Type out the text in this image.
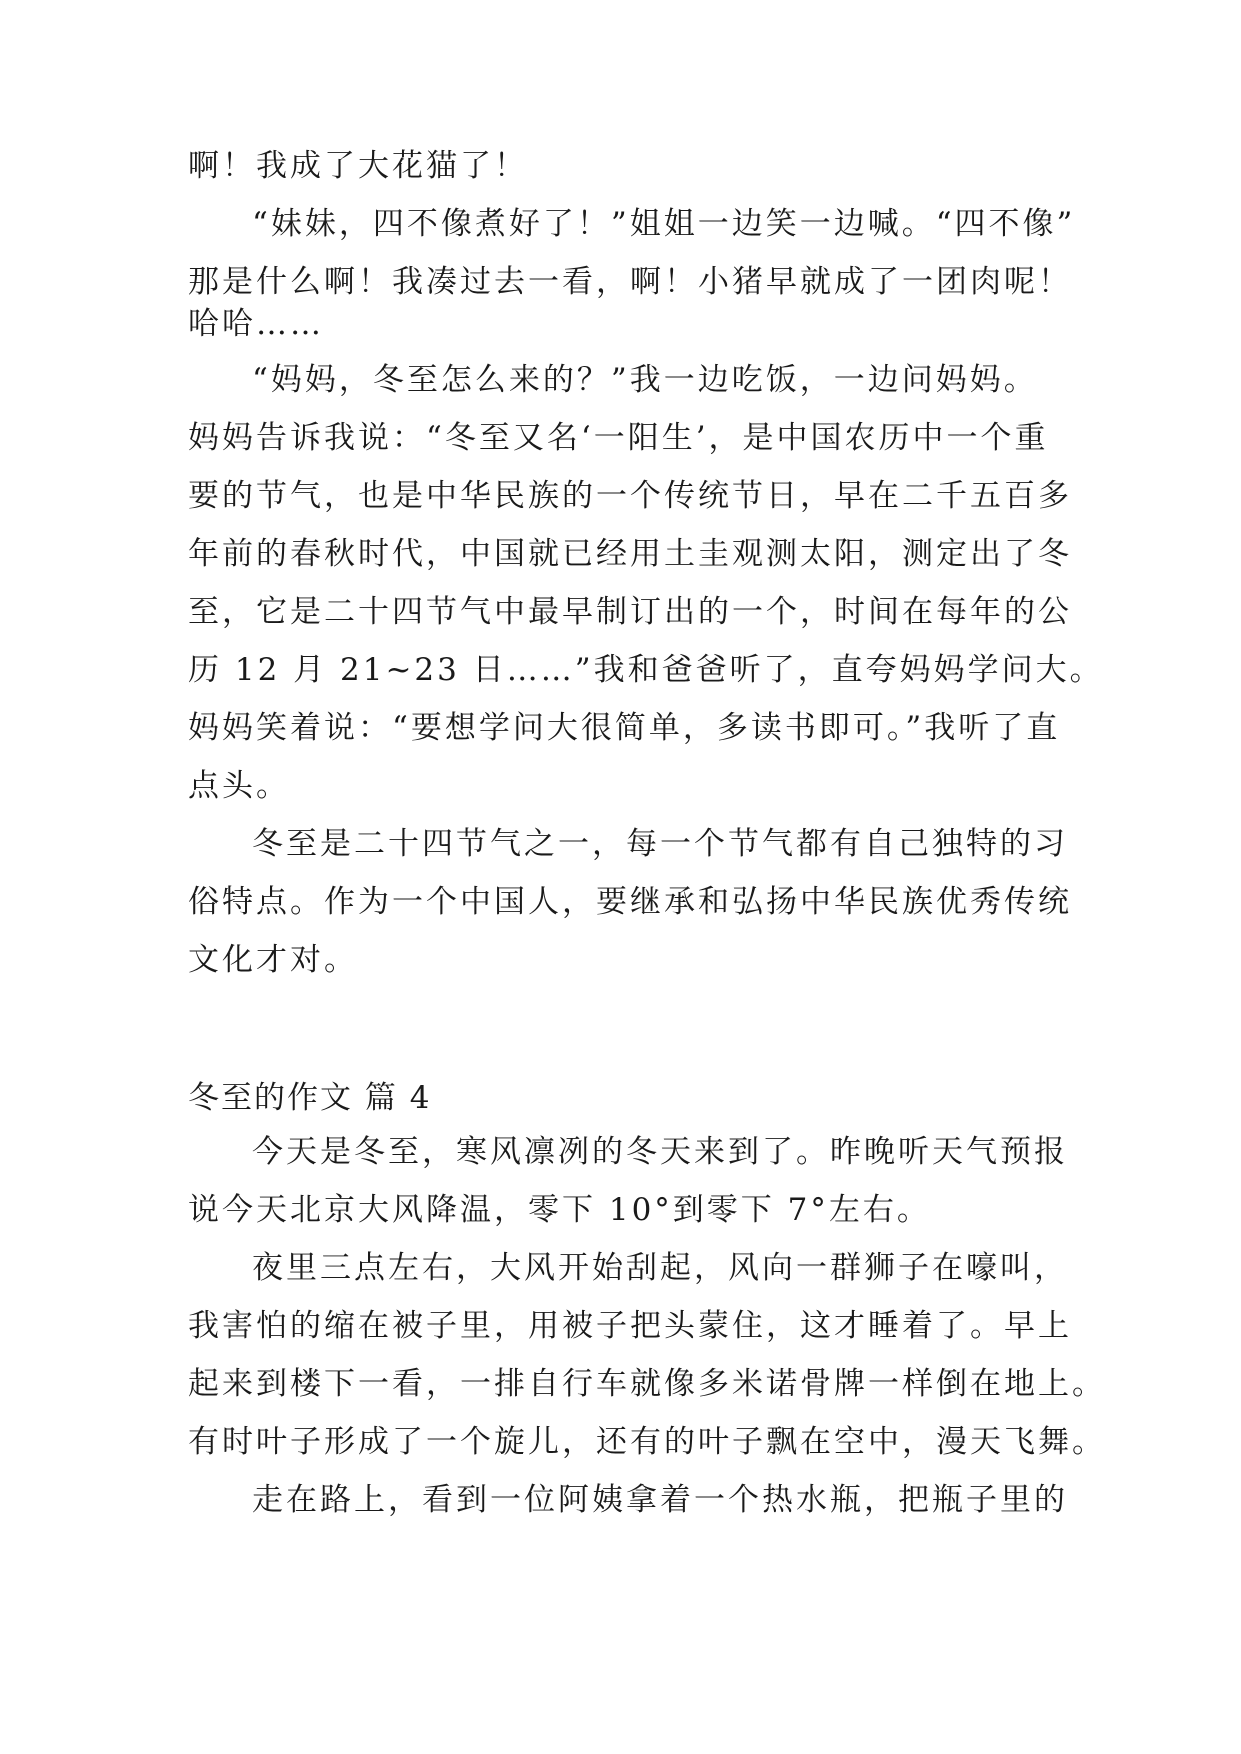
啊！我成了大花猫了！
“妹妹，四不像煮好了！”姐姐一边笑一边喊。“四不像”
那是什么啊！我凑过去一看，啊！小猪早就成了一团肉呢！
哈哈……
“妈妈，冬至怎么来的？”我一边吃饭，一边问妈妈。
妈妈告诉我说：“冬至又名‘一阳生’，是中国农历中一个重
要的节气，也是中华民族的一个传统节日，早在二千五百多
年前的春秋时代，中国就已经用土圭观测太阳，测定出了冬
至，它是二十四节气中最早制订出的一个，时间在每年的公
历 12 月 21~23 日……”我和爸爸听了，直夸妈妈学问大。
妈妈笑着说：“要想学问大很简单，多读书即可。”我听了直
点头。
冬至是二十四节气之一，每一个节气都有自己独特的习
俗特点。作为一个中国人，要继承和弘扬中华民族优秀传统
文化才对。
冬至的作文 篇 4
今天是冬至，寒风凛冽的冬天来到了。昨晚听天气预报
说今天北京大风降温，零下 10°到零下 7°左右。
夜里三点左右，大风开始刮起，风向一群狮子在嚎叫，
我害怕的缩在被子里，用被子把头蒙住，这才睡着了。早上
起来到楼下一看，一排自行车就像多米诺骨牌一样倒在地上。
有时叶子形成了一个旋儿，还有的叶子飘在空中，漫天飞舞。
走在路上，看到一位阿姨拿着一个热水瓶，把瓶子里的
